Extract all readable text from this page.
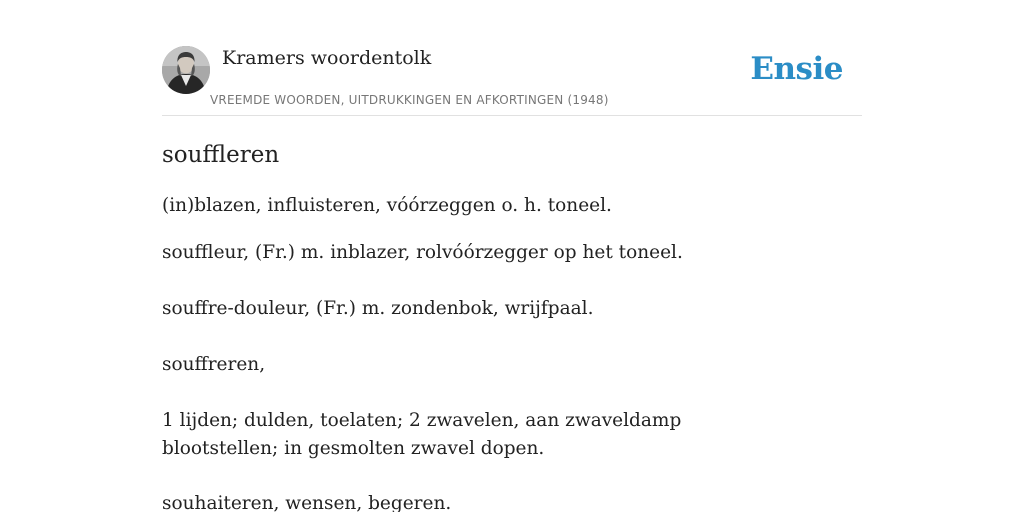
Kramers woordentolk
VREEMDE WOORDEN, UITDRUKKINGEN EN AFKORTINGEN (1948)
Ensie
souffleren

(in)blazen, influisteren, vóórzeggen o. h. toneel.

souffleur, (Fr.) m. inblazer, rolvóórzegger op het toneel.

souffre-douleur, (Fr.) m. zondenbok, wrijfpaal.

souffreren,

1 lijden; dulden, toelaten; 2 zwavelen, aan zwaveldamp blootstellen; in gesmolten zwavel dopen.

souhaiteren, wensen, begeren.
